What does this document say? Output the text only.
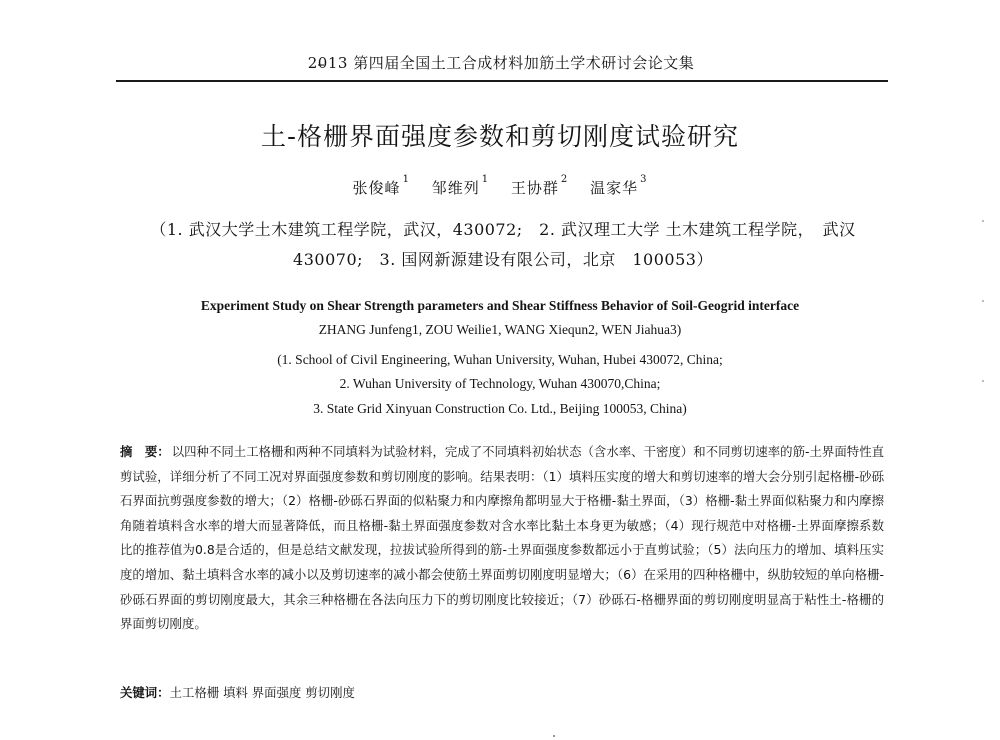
2013 第四届全国土工合成材料加筋土学术研讨会论文集
土-格栅界面强度参数和剪切刚度试验研究
张俊峰 $^1$ 邹维列 $^1$ 王协群 $^2$ 温家华 $^3$
（1. 武汉大学土木建筑工程学院，武汉，430072;　2. 武汉理工大学 土木建筑工程学院，　武汉
430070;　3. 国网新源建设有限公司，北京　100053）
Experiment Study on Shear Strength parameters and Shear Stiffness Behavior of Soil-Geogrid interface
ZHANG Junfeng1, ZOU Weilie1, WANG Xiequn2, WEN Jiahua3)
(1. School of Civil Engineering, Wuhan University, Wuhan, Hubei 430072, China;
2. Wuhan University of Technology, Wuhan 430070,China;
3. State Grid Xinyuan Construction Co. Ltd., Beijing 100053, China)
摘　要： 以四种不同土工格栅和两种不同填料为试验材料，完成了不同填料初始状态（含水率、干密度）和不同剪切速率的筋-土界面特性直剪试验，详细分析了不同工况对界面强度参数和剪切刚度的影响。结果表明：（1）填料压实度的增大和剪切速率的增大会分别引起格栅-砂砾石界面抗剪强度参数的增大；（2）格栅-砂砾石界面的似粘聚力和内摩擦角都明显大于格栅-黏土界面，（3）格栅-黏土界面似粘聚力和内摩擦角随着填料含水率的增大而显著降低，而且格栅-黏土界面强度参数对含水率比黏土本身更为敏感；（4）现行规范中对格栅-土界面摩擦系数比的推荐值为0.8是合适的，但是总结文献发现，拉拔试验所得到的筋-土界面强度参数都远小于直剪试验；（5）法向压力的增加、填料压实度的增加、黏土填料含水率的减小以及剪切速率的减小都会使筋土界面剪切刚度明显增大；（6）在采用的四种格栅中，纵肋较短的单向格栅-砂砾石界面的剪切刚度最大，其余三种格栅在各法向压力下的剪切刚度比较接近；（7）砂砾石-格栅界面的剪切刚度明显高于粘性土-格栅的界面剪切刚度。
关键词：土工格栅 填料 界面强度 剪切刚度
